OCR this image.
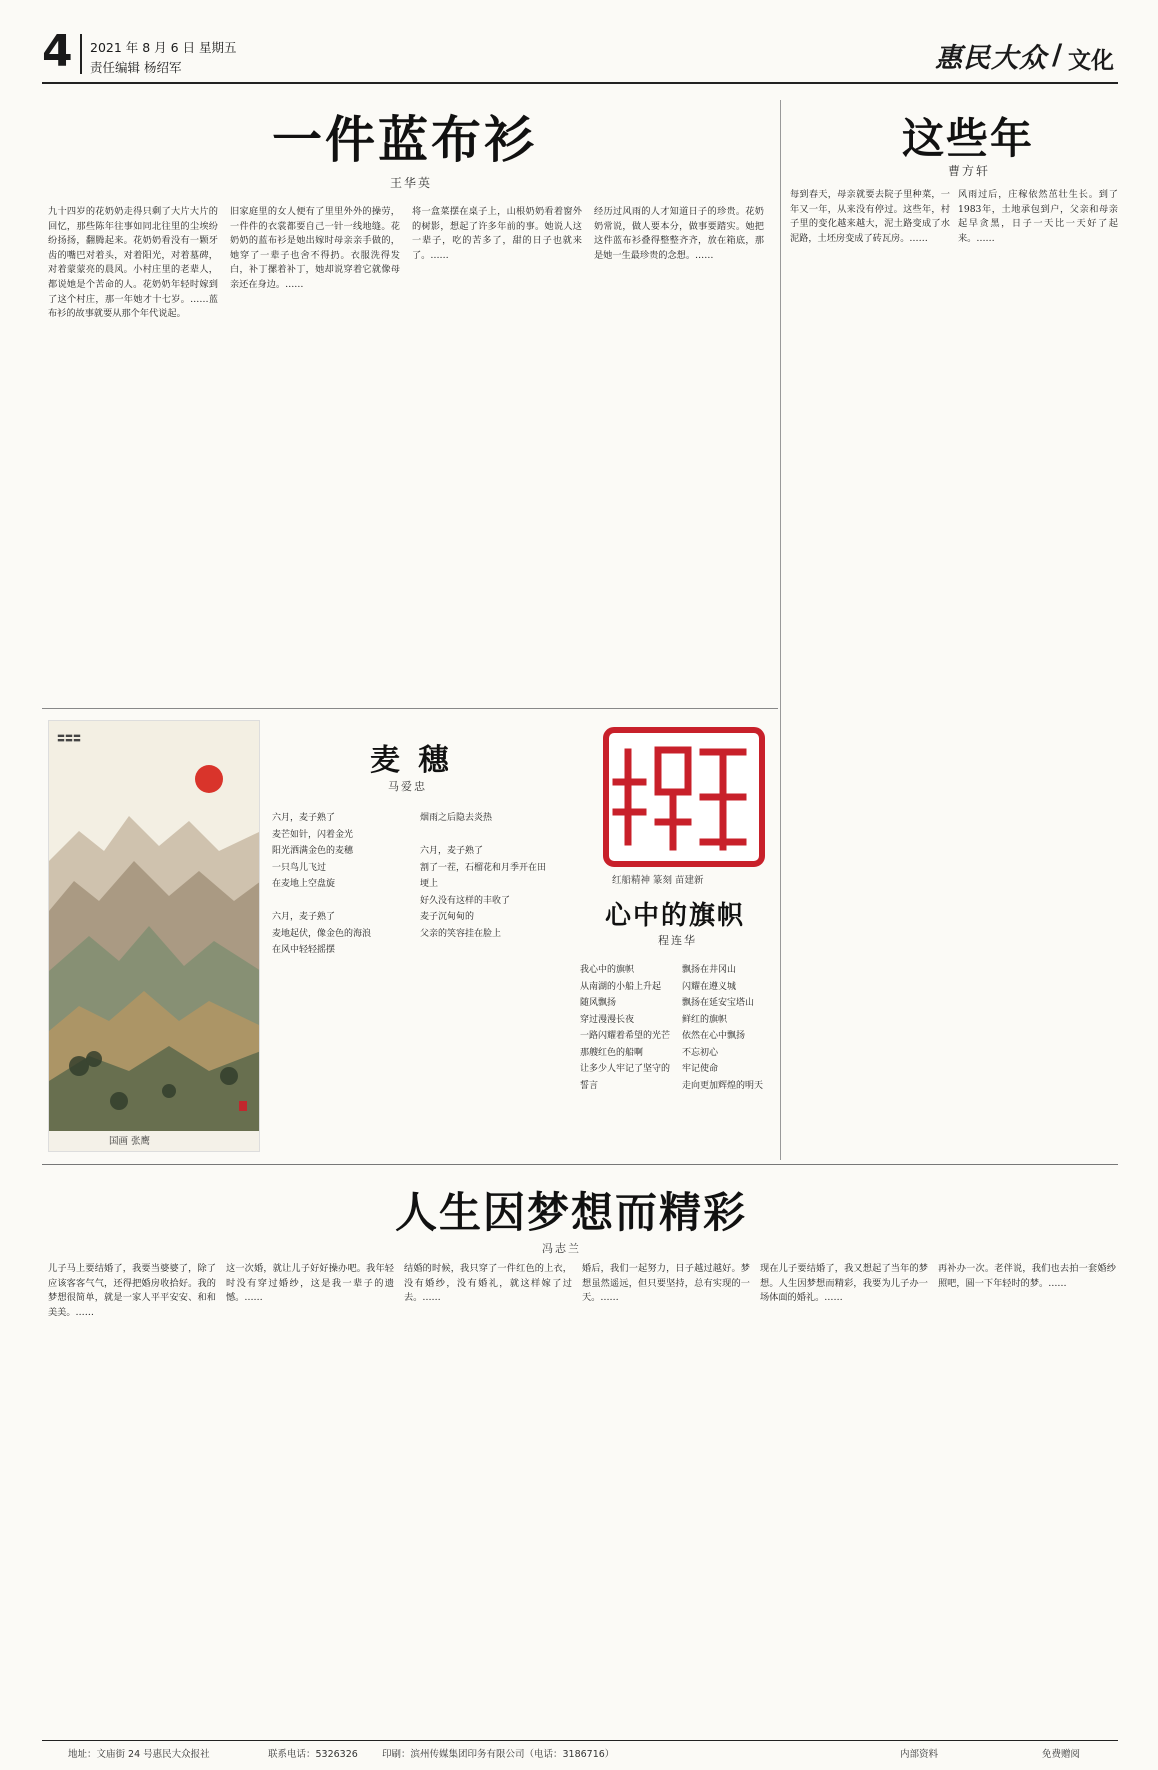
4 2021 年 8 月 6 日 星期五
责任编辑 杨绍军	惠民大众 / 文化
一件蓝布衫
王华英
九十四岁的花奶奶走得只剩了大片大片的回忆，那些陈年往事如同北往里的尘埃纷纷扬扬，翻腾起来。花奶奶看没有一颗牙齿的嘴巴对着头，对着阳光，对着墓碑，对着蒙蒙亮的晨风。小村庄里的老辈人，都说她是个苦命的人。花奶奶年轻时嫁到了这个村庄，那一年她才十七岁。……蓝布衫的故事就要从那个年代说起。
旧家庭里的女人便有了里里外外的操劳，一件件的衣裳都要自己一针一线地缝。花奶奶的蓝布衫是她出嫁时母亲亲手做的，她穿了一辈子也舍不得扔。衣服洗得发白，补丁摞着补丁，她却说穿着它就像母亲还在身边。……
将一盒菜摆在桌子上，山根奶奶看着窗外的树影，想起了许多年前的事。她说人这一辈子，吃的苦多了，甜的日子也就来了。……
经历过风雨的人才知道日子的珍贵。花奶奶常说，做人要本分，做事要踏实。她把这件蓝布衫叠得整整齐齐，放在箱底，那是她一生最珍贵的念想。……
这些年
曹方轩
每到春天，母亲就要去院子里种菜，一年又一年，从来没有停过。这些年，村子里的变化越来越大，泥土路变成了水泥路，土坯房变成了砖瓦房。……
风雨过后，庄稼依然茁壮生长。到了1983年，土地承包到户，父亲和母亲起早贪黑，日子一天比一天好了起来。……
〓〓〓
国画 张鹰
麦 穗
马爱忠
六月，麦子熟了
麦芒如针，闪着金光
阳光洒满金色的麦穗
一只鸟儿飞过
在麦地上空盘旋

六月，麦子熟了
麦地起伏，像金色的海浪
在风中轻轻摇摆
烟雨之后隐去炎热

六月，麦子熟了
割了一茬，石榴花和月季开在田埂上
好久没有这样的丰收了
麦子沉甸甸的
父亲的笑容挂在脸上
红船精神 篆刻 苗建新
心中的旗帜
程连华
我心中的旗帜
从南湖的小船上升起
随风飘扬
穿过漫漫长夜
一路闪耀着希望的光芒
那艘红色的船啊
让多少人牢记了坚守的誓言
飘扬在井冈山
闪耀在遵义城
飘扬在延安宝塔山
鲜红的旗帜
依然在心中飘扬
不忘初心
牢记使命
走向更加辉煌的明天
人生因梦想而精彩
冯志兰
儿子马上要结婚了，我要当婆婆了，除了应该客客气气，还得把婚房收拾好。我的梦想很简单，就是一家人平平安安、和和美美。……
这一次婚，就让儿子好好操办吧。我年轻时没有穿过婚纱，这是我一辈子的遗憾。……
结婚的时候，我只穿了一件红色的上衣，没有婚纱，没有婚礼，就这样嫁了过去。……
婚后，我们一起努力，日子越过越好。梦想虽然遥远，但只要坚持，总有实现的一天。……
现在儿子要结婚了，我又想起了当年的梦想。人生因梦想而精彩，我要为儿子办一场体面的婚礼。……
再补办一次。老伴说，我们也去拍一套婚纱照吧，圆一下年轻时的梦。……
地址：文庙街 24 号惠民大众报社	联系电话：5326326	印刷：滨州传媒集团印务有限公司（电话：3186716）	内部资料	免费赠阅
